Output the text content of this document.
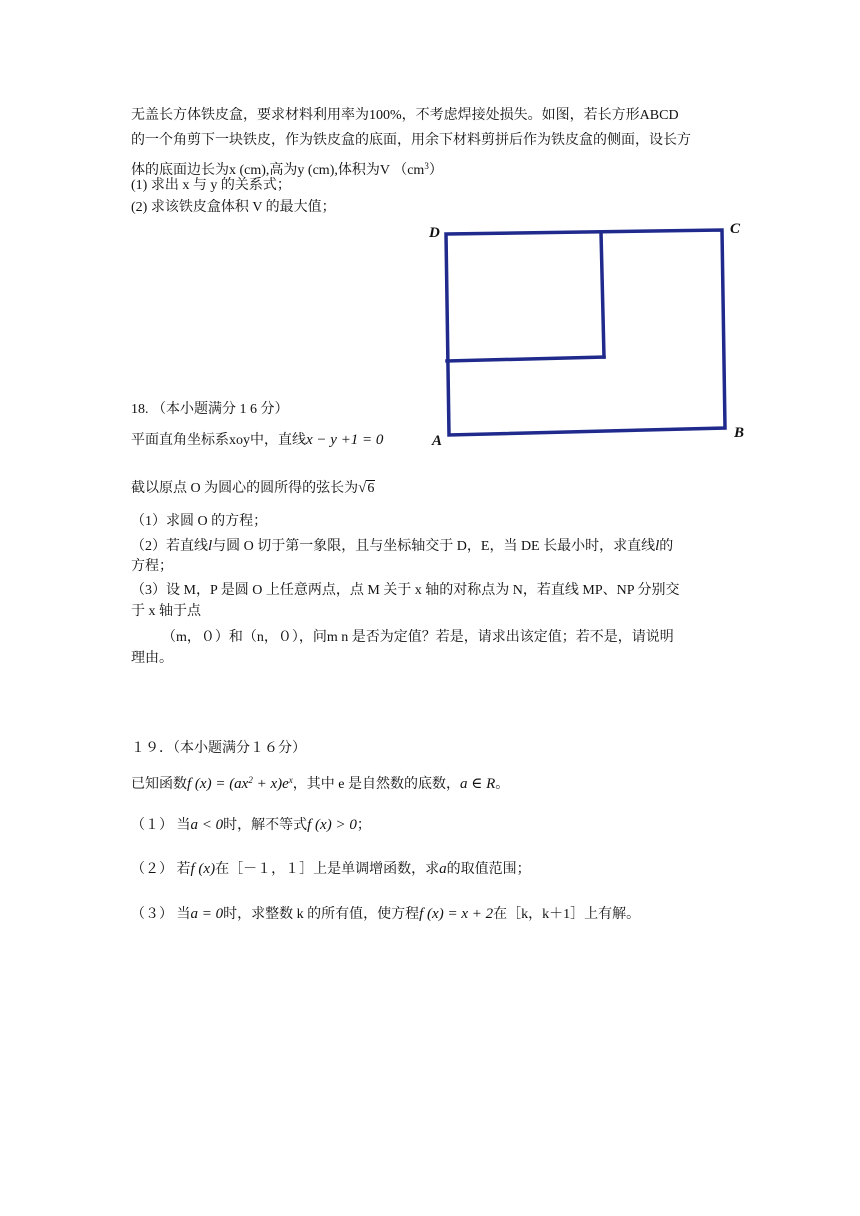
无盖长方体铁皮盒，要求材料利用率为100%，不考虑焊接处损失。如图，若长方形ABCD
的一个角剪下一块铁皮，作为铁皮盒的底面，用余下材料剪拼后作为铁皮盒的侧面，设长方
体的底面边长为x (cm),高为y (cm),体积为V $(cm^3)$
(1) 求出 x 与 y 的关系式；
(2) 求该铁皮盒体积 V 的最大值；
D	C
A	B
18. （本小题满分 1 6 分）
平面直角坐标系xoy中，直线x − y +1 = 0
截以原点 O 为圆心的圆所得的弦长为√6
（1）求圆 O 的方程；
（2）若直线l与圆 O 切于第一象限，且与坐标轴交于 D，E，当 DE 长最小时，求直线l的
方程；
（3）设 M，P 是圆 O 上任意两点，点 M 关于 x 轴的对称点为 N，若直线 MP、NP 分别交
于 x 轴于点
（m，０）和（n，０），问m n 是否为定值？若是，请求出该定值；若不是，请说明
理由。
１９．（本小题满分１６分）
已知函数f $(x) = (ax^2 + x)e^x$，其中 e 是自然数的底数，a ∈ R。
（１） 当a < 0时，解不等式f (x) > 0；
（２） 若f (x)在［－１，１］上是单调增函数，求a的取值范围；
（３） 当a = 0时，求整数 k 的所有值，使方程f (x) = x + 2在［k，k＋1］上有解。
